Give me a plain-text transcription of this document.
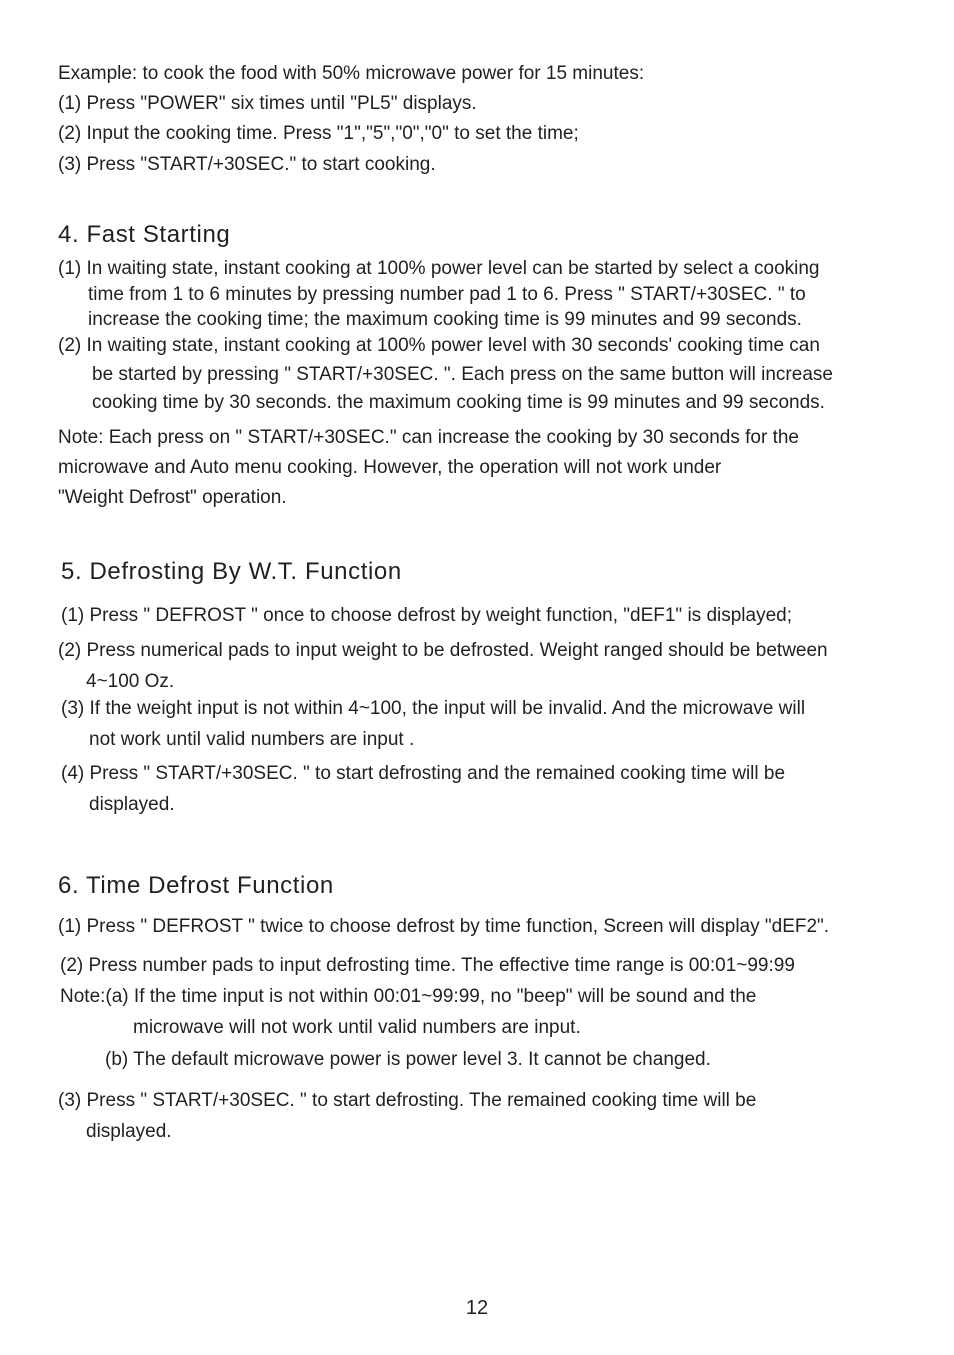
Example: to cook the food with 50% microwave power for 15 minutes:
(1) Press "POWER" six times until "PL5" displays.
(2) Input the cooking time. Press "1","5","0","0" to set the time;
(3) Press "START/+30SEC." to start cooking.
4. Fast Starting
(1) In waiting state, instant cooking at 100% power level can be started by select a cooking
time from 1 to 6 minutes by pressing number pad 1 to 6. Press " START/+30SEC. " to
increase the cooking time; the maximum cooking time is 99 minutes and 99 seconds.
(2) In waiting state, instant cooking at 100% power level with 30 seconds' cooking time can
be started by pressing " START/+30SEC. ". Each press on the same button will increase
cooking time by 30 seconds. the maximum cooking time is 99 minutes and 99 seconds.
Note: Each press on " START/+30SEC." can increase the cooking by 30 seconds for the
microwave and Auto menu cooking. However, the operation will not work under
"Weight Defrost" operation.
5. Defrosting By W.T. Function
(1) Press " DEFROST " once to choose defrost by weight function, "dEF1" is displayed;
(2) Press numerical pads to input weight to be defrosted. Weight ranged should be between
4~100 Oz.
(3) If the weight input is not within 4~100, the input will be invalid. And the microwave will
not work until valid numbers are input .
(4) Press " START/+30SEC. " to start defrosting and the remained cooking time will be
displayed.
6. Time Defrost Function
(1) Press " DEFROST " twice to choose defrost by time function, Screen will display "dEF2".
(2) Press number pads to input defrosting time. The effective time range is 00:01~99:99
Note:(a) If the time input is not within 00:01~99:99, no "beep" will be sound and the
microwave will not work until valid numbers are input.
(b) The default microwave power is power level 3. It cannot be changed.
(3) Press " START/+30SEC. " to start defrosting. The remained cooking time will be
displayed.
12
